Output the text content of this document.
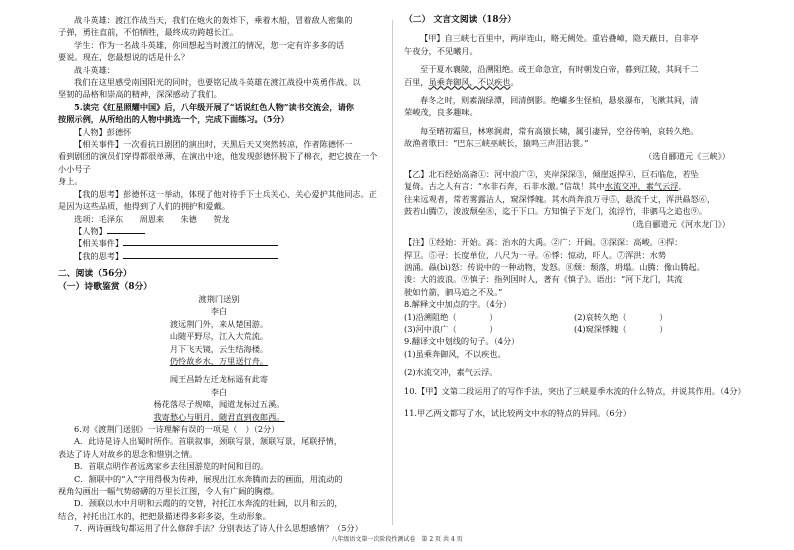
战斗英雄：渡江作战当天，我们在炮火的轰炸下，乘着木船，冒着敌人密集的

子弹，勇往直前，不怕牺牲，最终成功跨越长江。

学生：作为一名战斗英雄，你回想起当时渡江的情况，您一定有许多多的话

要说。现在，您最想说的话是什么？

战斗英雄：

我们在这里感受南国阳光的同时，也要铭记战斗英雄在渡江战役中英勇作战、以

坚韧的品格和崇高的精神，深深感动了我们。

5.读完《红星照耀中国》后，八年级开展了“话说红色人物”读书交流会，请你

按照示例，从所给出的人物中挑选一个，完成下面练习。（5分）

【人物】彭德怀

【相关事件】一次看抗日剧团的演出时，天黑后天又突然转凉，作者陈德怀一

看到剧团的演员们穿得都很单薄，在演出中途，他发现彭德怀脱下了棉衣，把它披在一个小小号子

身上。

【我的思考】彭德怀这一举动，体现了他对待手下士兵关心、关心爱护其他同志。正

是因为这些品质，他得到了人们的拥护和爱戴。

选项：毛泽东　　周恩来　　朱德　　贺龙

【人物】

【相关事件】

【我的思考】

二、阅读（56分）

（一）诗歌鉴赏（8分）

渡荆门送别

李白

渡远荆门外，来从楚国游。

山随平野尽，江入大荒流。

月下飞天镜，云生结海楼。

仍怜故乡水，万里送行舟。

闻王昌龄左迁龙标遥有此寄

李白

杨花落尽子规啼，闻道龙标过五溪。

我寄愁心与明月，随君直到夜郎西。

6.对《渡荆门送别》一诗理解有误的一项是（　）（2分）

A．此诗是诗人出蜀时所作。首联叙事，颈联写景，颔联写景，尾联抒情，

表达了诗人对故乡的思念和惜别之情。

B．首联点明作者远离家乡去往国游览的时间和目的。

C．颔联中的“入”字用得极为传神，展现出江水奔腾而去的画面，用流动的

视角勾画出一幅气势磅礴的万里长江图，令人有广阔的胸襟。

D．颈联以水中月明和云霞的的交替，衬托江水奔流的壮阔，以月和云的，

结合，衬托出江水的，把把景描述得多彩多姿，生动形象。

7．两诗画线句都运用了什么修辞手法？分别表达了诗人什么思想感情？（5分）

（二） 文言文阅读（18分）

【甲】自三峡七百里中，两岸连山，略无阙处。重岩叠嶂，隐天蔽日，自非亭

午夜分，不见曦月。

至于夏水襄陵，沿溯阻绝。或王命急宣，有时朝发白帝，暮到江陵，其间千二

百里，虽乘奔御风，不以疾也。

春冬之时，则素湍绿潭，回清倒影。绝巘多生怪柏，悬泉瀑布，飞漱其间，清

荣峻茂，良多趣味。

每至晴初霜旦，林寒涧肃，常有高猿长啸，属引凄异，空谷传响，哀转久绝。

故渔者歌曰：“巴东三峡巫峡长，猿鸣三声泪沾裳。”

（选自郦道元《三峡》）

【乙】北石经始高斋①：河中浪广②，夹岸深深③，倾崖返捍④，巨石临危，若坠

复倚。古之人有言：“水非石奔，石非水激。”信哉！其中水流交冲，素气云浮，

往来远观者，常若雾露沾人，窥深悸魄。其水尚奔浪万寻⑤，悬流千丈，浑洪赑怒⑥，

鼓若山腾⑦，浚波颓垒⑧，迄于下口。方知慎子下龙门，流浮竹，非驷马之追也⑨。

（选自郦道元《河水龙门》）

【注】①经始：开始。高：治水的大禹。②广：开阔。③深深：高峻。④捍：

捍卫。⑤寻：长度单位，八尺为一寻。⑥悸：惊动，吓人。⑦浑洪：水势

汹涌。赑(bì)怒：传说中的一种动物，发怒。⑧颓：颓落，坍塌。山腾：像山腾起。

浚：大的波浪。⑨慎子：指列国时人，著有《慎子》。语出：“河下龙门，其流

驶如竹箭，驷马追之不及。”

8.解释文中加点的字。（4分）

(1)沿溯阻绝（　　　　）	(2)哀转久绝（　　　　）
(3)河中浪广（　　　　）	(4)窥深悸魄（　　　　）

9.翻译文中划线的句子。（4分）

(1)虽乘奔御风，不以疾也。

(2)水流交冲，素气云浮。

10.【甲】文第二段运用了的写作手法，突出了三峡夏季水流的什么特点，并说其作用。（4分）

11.甲乙两文都写了水，试比较两文中水的特点的异同。（6分）

八年级语文第一次阶段性测试卷　第 2 页 共 4 页
